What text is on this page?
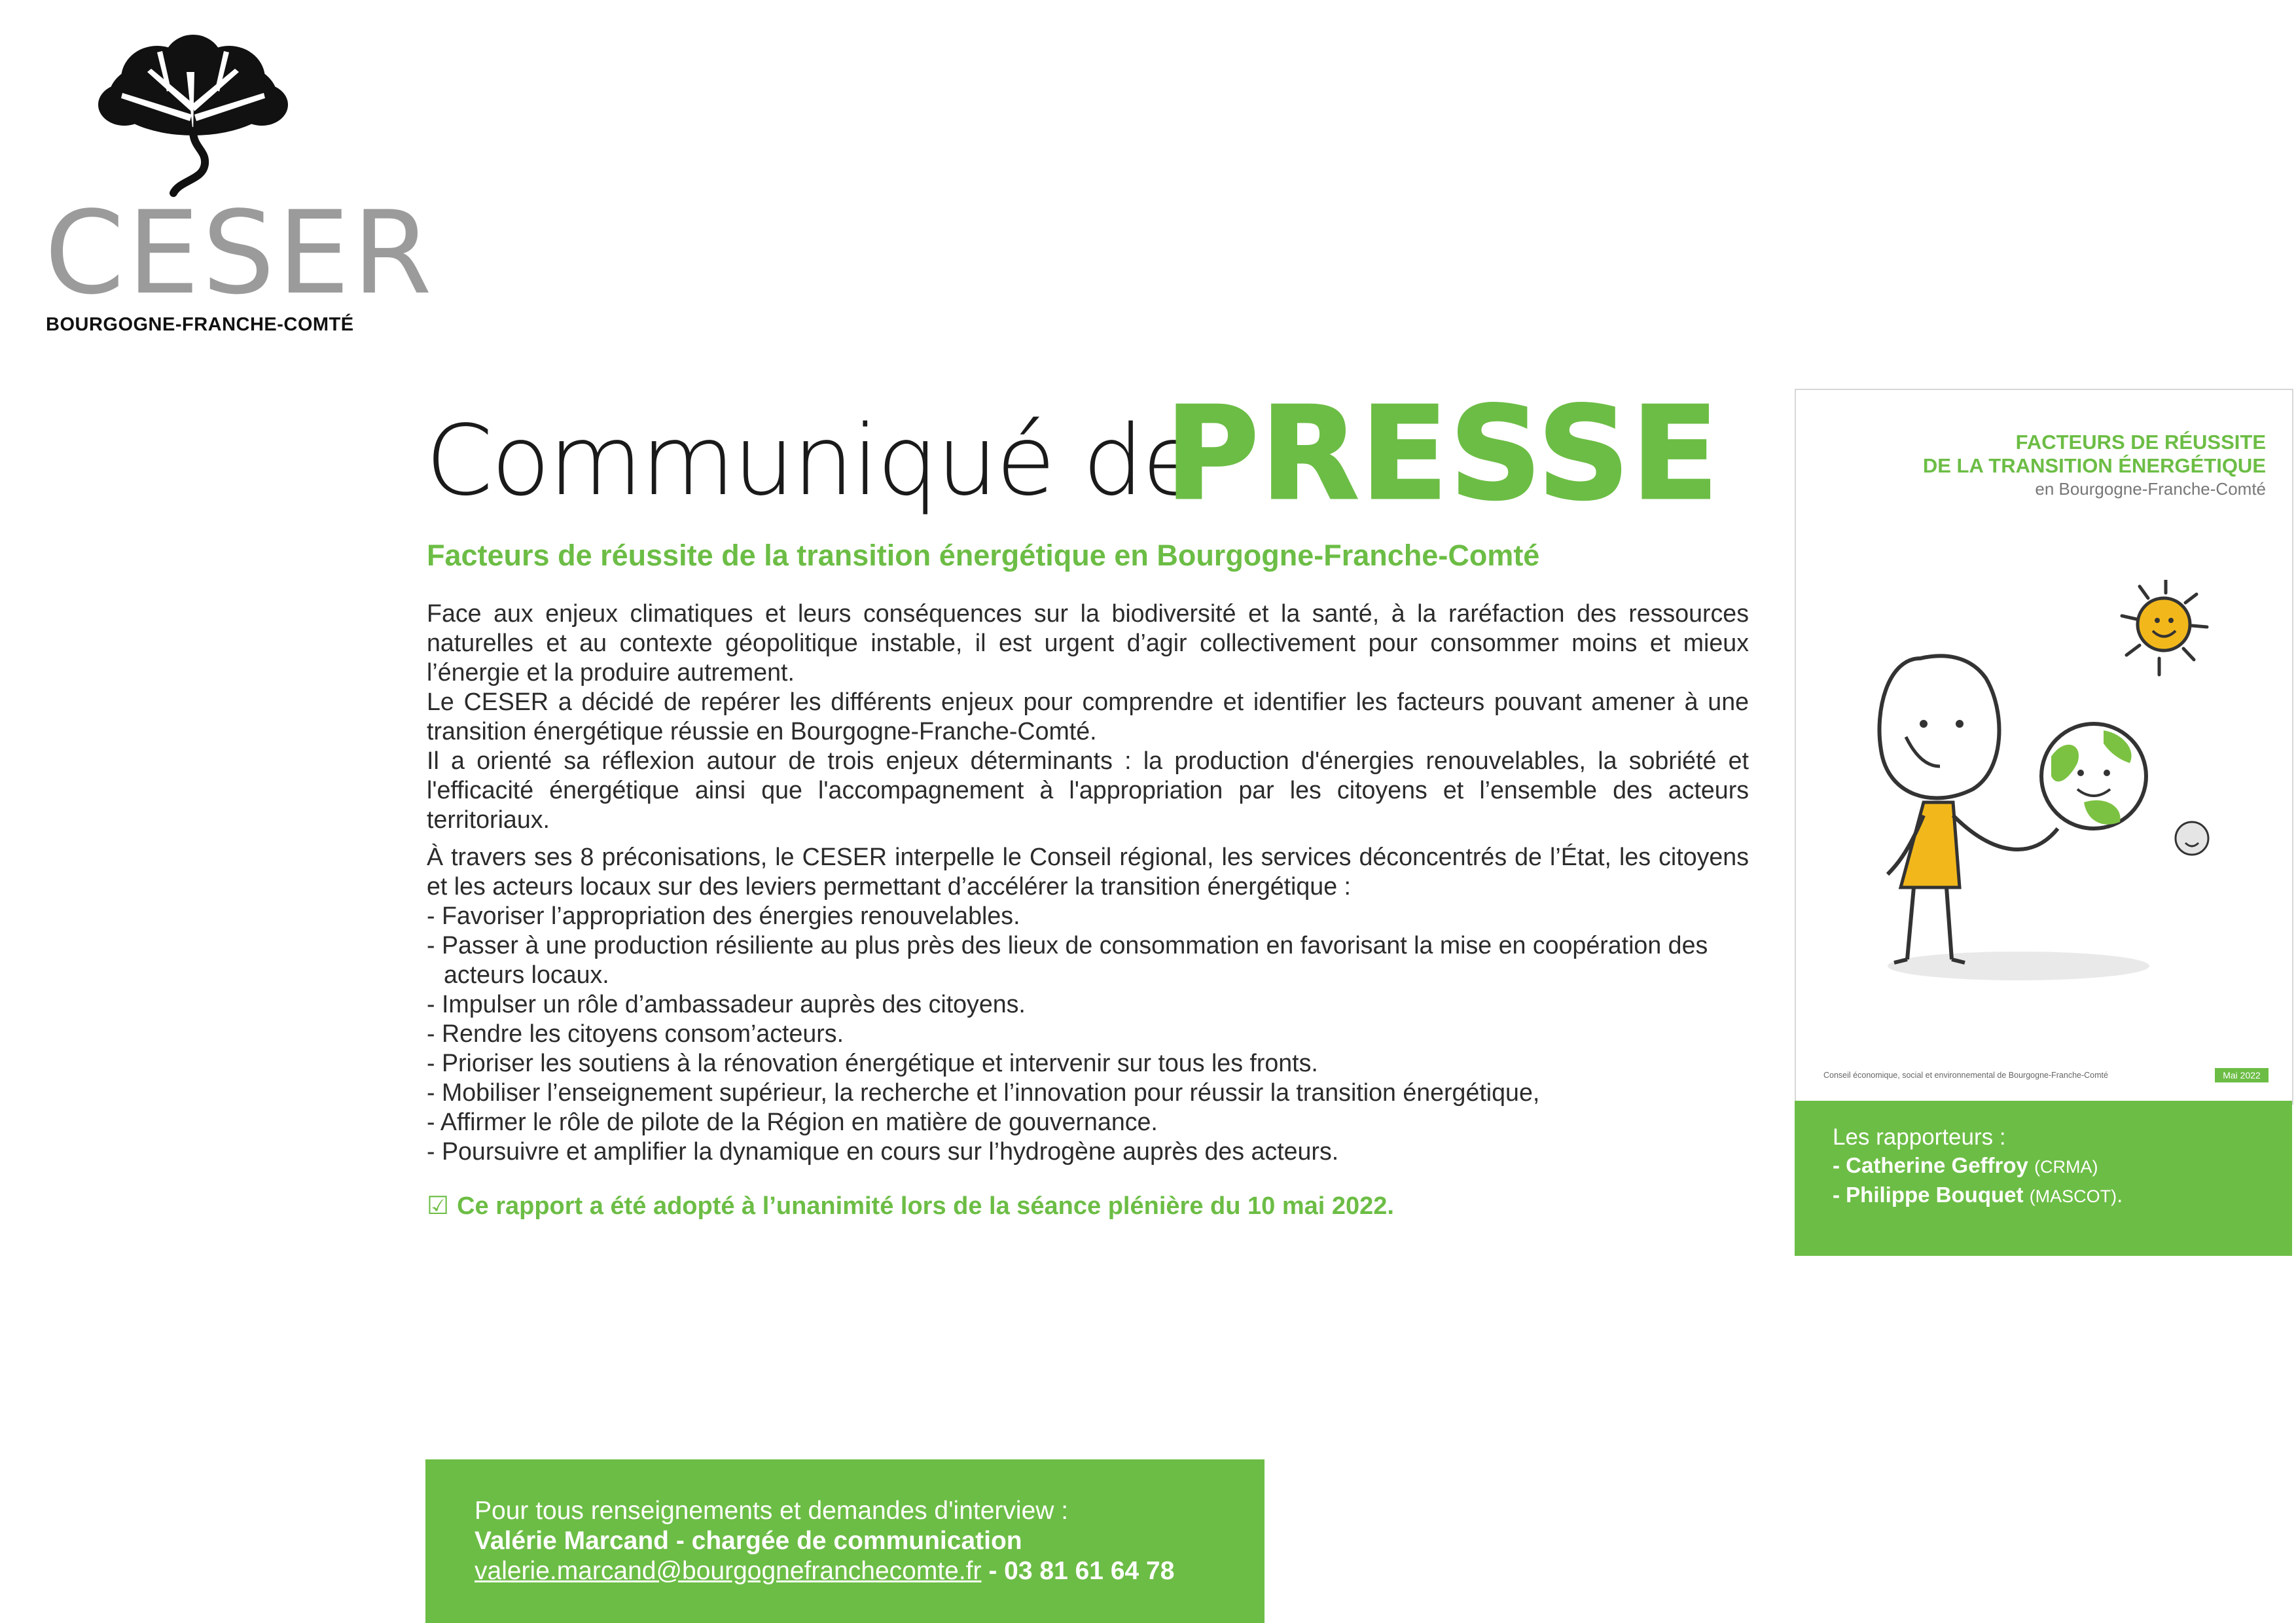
CESER
BOURGOGNE-FRANCHE-COMTÉ
Communiqué de
PRESSE
Facteurs de réussite de la transition énergétique en Bourgogne-Franche-Comté

Face aux enjeux climatiques et leurs conséquences sur la biodiversité et la santé, à la raréfaction des ressources naturelles et au contexte géopolitique instable, il est urgent d’agir collectivement pour consommer moins et mieux l’énergie et la produire autrement.

Le CESER a décidé de repérer les différents enjeux pour comprendre et identifier les facteurs pouvant amener à une transition énergétique réussie en Bourgogne-Franche-Comté.

Il a orienté sa réflexion autour de trois enjeux déterminants : la production d'énergies renouvelables, la sobriété et l'efficacité énergétique ainsi que l'accompagnement à l'appropriation par les citoyens et l’ensemble des acteurs territoriaux.

À travers ses 8 préconisations, le CESER interpelle le Conseil régional, les services déconcentrés de l’État, les citoyens et les acteurs locaux sur des leviers permettant d’accélérer la transition énergétique :

- Favoriser l’appropriation des énergies renouvelables.
- Passer à une production résiliente au plus près des lieux de consommation en favorisant la mise en coopération des acteurs locaux.
- Impulser un rôle d’ambassadeur auprès des citoyens.
- Rendre les citoyens consom’acteurs.
- Prioriser les soutiens à la rénovation énergétique et intervenir sur tous les fronts.
- Mobiliser l’enseignement supérieur, la recherche et l’innovation pour réussir la transition énergétique,
- Affirmer le rôle de pilote de la Région en matière de gouvernance.
- Poursuivre et amplifier la dynamique en cours sur l’hydrogène auprès des acteurs.
☑ Ce rapport a été adopté à l’unanimité lors de la séance plénière du 10 mai 2022.
FACTEURS DE RÉUSSITE
DE LA TRANSITION ÉNERGÉTIQUE
en Bourgogne-Franche-Comté
Conseil économique, social et environnemental de Bourgogne-Franche-Comté	Mai 2022
Les rapporteurs :
- Catherine Geffroy (CRMA)
- Philippe Bouquet (MASCOT).
Pour tous renseignements et demandes d'interview :
Valérie Marcand - chargée de communication
valerie.marcand@bourgognefranchecomte.fr - 03 81 61 64 78
